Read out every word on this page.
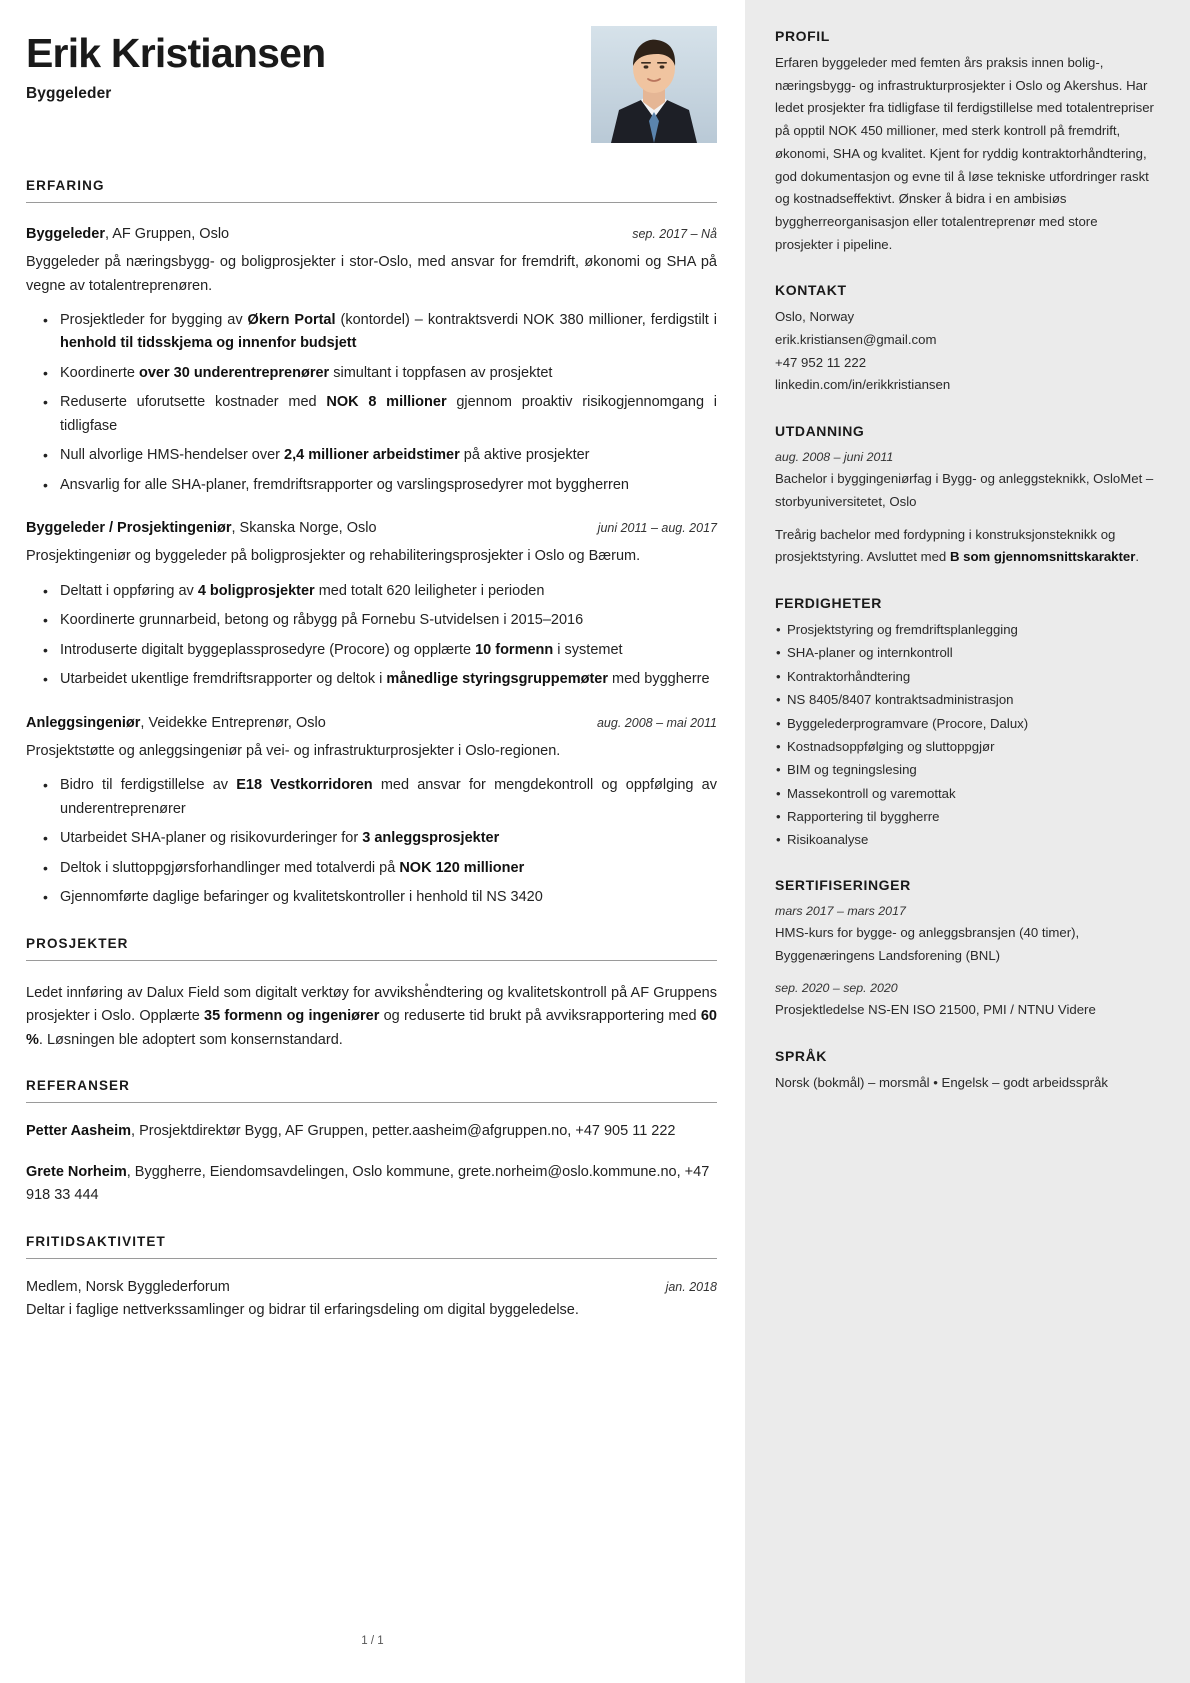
Erik Kristiansen
Byggeleder
ERFARING
Byggeleder, AF Gruppen, Oslo	sep. 2017 – Nå
Byggeleder på næringsbygg- og boligprosjekter i stor-Oslo, med ansvar for fremdrift, økonomi og SHA på vegne av totalentreprenøren.
• Prosjektleder for bygging av Økern Portal (kontordel) – kontraktsverdi NOK 380 millioner, ferdigstilt i henhold til tidsskjema og innenfor budsjett
• Koordinerte over 30 underentreprenører simultant i toppfasen av prosjektet
• Reduserte uforutsette kostnader med NOK 8 millioner gjennom proaktiv risikogjennomgang i tidligfase
• Null alvorlige HMS-hendelser over 2,4 millioner arbeidstimer på aktive prosjekter
• Ansvarlig for alle SHA-planer, fremdriftsrapporter og varslingsprosedyrer mot byggherren
Byggeleder / Prosjektingeniør, Skanska Norge, Oslo	juni 2011 – aug. 2017
Prosjektingeniør og byggeleder på boligprosjekter og rehabiliteringsprosjekter i Oslo og Bærum.
• Deltatt i oppføring av 4 boligprosjekter med totalt 620 leiligheter i perioden
• Koordinerte grunnarbeid, betong og råbygg på Fornebu S-utvidelsen i 2015–2016
• Introduserte digitalt byggeplassprosedyre (Procore) og opplærte 10 formenn i systemet
• Utarbeidet ukentlige fremdriftsrapporter og deltok i månedlige styringsgruppemøter med byggherre
Anleggsingeniør, Veidekke Entreprenør, Oslo	aug. 2008 – mai 2011
Prosjektstøtte og anleggsingeniør på vei- og infrastrukturprosjekter i Oslo-regionen.
• Bidro til ferdigstillelse av E18 Vestkorridoren med ansvar for mengdekontroll og oppfølging av underentreprenører
• Utarbeidet SHA-planer og risikovurderinger for 3 anleggsprosjekter
• Deltok i sluttoppgjørsforhandlinger med totalverdi på NOK 120 millioner
• Gjennomførte daglige befaringer og kvalitetskontroller i henhold til NS 3420
PROSJEKTER

Ledet innføring av Dalux Field som digitalt verktøy for avvikshe̊ndtering og kvalitetskontroll på AF Gruppens prosjekter i Oslo. Opplærte 35 formenn og ingeniører og reduserte tid brukt på avviksrapportering med 60 %. Løsningen ble adoptert som konsernstandard.

REFERANSER
Petter Aasheim, Prosjektdirektør Bygg, AF Gruppen, petter.aasheim@afgruppen.no, +47 905 11 222
Grete Norheim, Byggherre, Eiendomsavdelingen, Oslo kommune, grete.norheim@oslo.kommune.no, +47 918 33 444
FRITIDSAKTIVITET
Medlem, Norsk Bygglederforum	jan. 2018
Deltar i faglige nettverkssamlinger og bidrar til erfaringsdeling om digital byggeledelse.
1 / 1
PROFIL
Erfaren byggeleder med femten års praksis innen bolig-, næringsbygg- og infrastrukturprosjekter i Oslo og Akershus. Har ledet prosjekter fra tidligfase til ferdigstillelse med totalentrepriser på opptil NOK 450 millioner, med sterk kontroll på fremdrift, økonomi, SHA og kvalitet. Kjent for ryddig kontraktorhåndtering, god dokumentasjon og evne til å løse tekniske utfordringer raskt og kostnadseffektivt. Ønsker å bidra i en ambisiøs byggherreorganisasjon eller totalentreprenør med store prosjekter i pipeline.
KONTAKT
Oslo, Norway
erik.kristiansen@gmail.com
+47 952 11 222
linkedin.com/in/erikkristiansen
UTDANNING
aug. 2008 – juni 2011
Bachelor i byggingeniørfag i Bygg- og anleggsteknikk, OsloMet – storbyuniversitetet, Oslo
Treårig bachelor med fordypning i konstruksjonsteknikk og prosjektstyring. Avsluttet med B som gjennomsnittskarakter.
FERDIGHETER
• Prosjektstyring og fremdriftsplanlegging
• SHA-planer og internkontroll
• Kontraktorhåndtering
• NS 8405/8407 kontraktsadministrasjon
• Byggelederprogramvare (Procore, Dalux)
• Kostnadsoppfølging og sluttoppgjør
• BIM og tegningslesing
• Massekontroll og varemottak
• Rapportering til byggherre
• Risikoanalyse
SERTIFISERINGER
mars 2017 – mars 2017
HMS-kurs for bygge- og anleggsbransjen (40 timer), Byggenæringens Landsforening (BNL)
sep. 2020 – sep. 2020
Prosjektledelse NS-EN ISO 21500, PMI / NTNU Videre
SPRÅK
Norsk (bokmål) – morsmål • Engelsk – godt arbeidsspråk
